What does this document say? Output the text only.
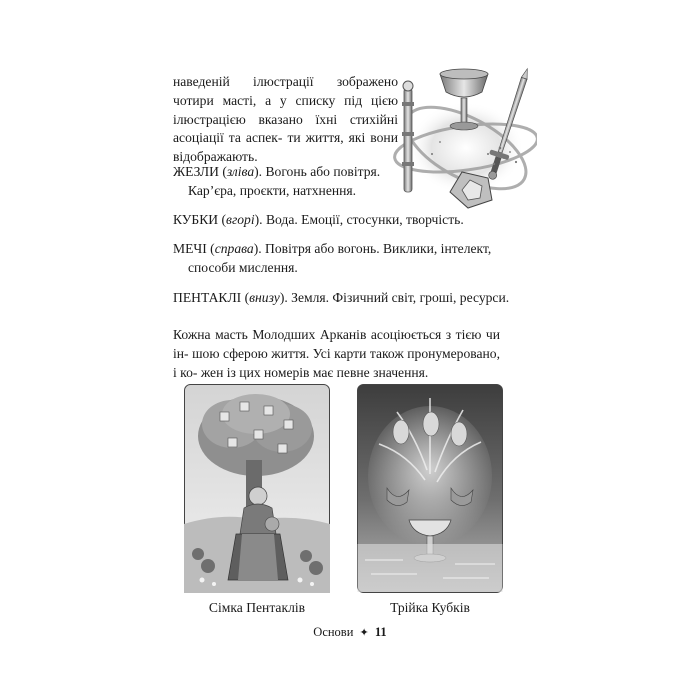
наведеній ілюстрації зображено чотири масті, а у списку під цією ілюстрацією вказано їхні стихійні асоціації та аспек- ти життя, які вони відображають.

ЖЕЗЛИ (зліва). Вогонь або повітря.
Кар’єра, проєкти, натхнення.

КУБКИ (вгорі). Вода. Емоції, стосунки, творчість.

МЕЧІ (справа). Повітря або вогонь. Виклики, інтелект,
способи мислення.

ПЕНТАКЛІ (внизу). Земля. Фізичний світ, гроші, ресурси.

Кожна масть Молодших Арканів асоціюється з тією чи ін- шою сферою життя. Усі карти також пронумеровано, і ко- жен із цих номерів має певне значення.

Сімка Пентаклів	Трійка Кубків

Основи ✦ 11
